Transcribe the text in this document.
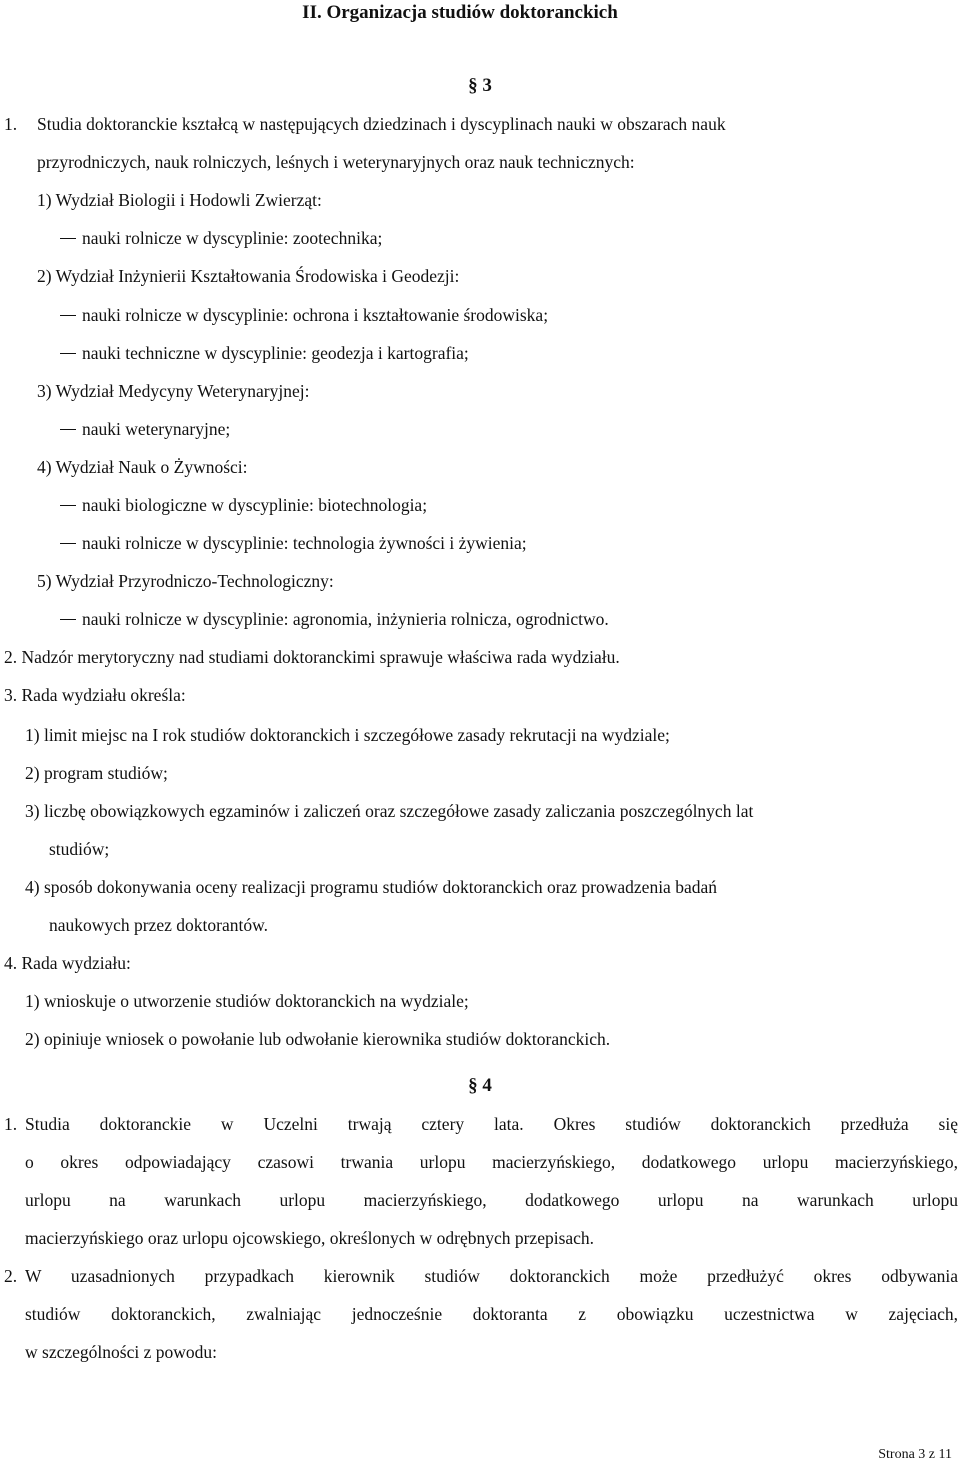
II. Organizacja studiów doktoranckich
§ 3
1. Studia doktoranckie kształcą w następujących dziedzinach i dyscyplinach nauki w obszarach nauk
przyrodniczych, nauk rolniczych, leśnych i weterynaryjnych oraz nauk technicznych:
1) Wydział Biologii i Hodowli Zwierząt:
nauki rolnicze w dyscyplinie: zootechnika;
2) Wydział Inżynierii Kształtowania Środowiska i Geodezji:
nauki rolnicze w dyscyplinie: ochrona i kształtowanie środowiska;
nauki techniczne w dyscyplinie: geodezja i kartografia;
3) Wydział Medycyny Weterynaryjnej:
nauki weterynaryjne;
4) Wydział Nauk o Żywności:
nauki biologiczne w dyscyplinie: biotechnologia;
nauki rolnicze w dyscyplinie: technologia żywności i żywienia;
5) Wydział Przyrodniczo-Technologiczny:
nauki rolnicze w dyscyplinie: agronomia, inżynieria rolnicza, ogrodnictwo.
2. Nadzór merytoryczny nad studiami doktoranckimi sprawuje właściwa rada wydziału.
3. Rada wydziału określa:
1) limit miejsc na I rok studiów doktoranckich i szczegółowe zasady rekrutacji na wydziale;
2) program studiów;
3) liczbę obowiązkowych egzaminów i zaliczeń oraz szczegółowe zasady zaliczania poszczególnych lat
studiów;
4) sposób dokonywania oceny realizacji programu studiów doktoranckich oraz prowadzenia badań
naukowych przez doktorantów.
4. Rada wydziału:
1) wnioskuje o utworzenie studiów doktoranckich na wydziale;
2) opiniuje wniosek o powołanie lub odwołanie kierownika studiów doktoranckich.
§ 4
1. Studia doktoranckie w Uczelni trwają cztery lata. Okres studiów doktoranckich przedłuża się
o okres odpowiadający czasowi trwania urlopu macierzyńskiego, dodatkowego urlopu macierzyńskiego,
urlopu na warunkach urlopu macierzyńskiego, dodatkowego urlopu na warunkach urlopu
macierzyńskiego oraz urlopu ojcowskiego, określonych w odrębnych przepisach.
2. W uzasadnionych przypadkach kierownik studiów doktoranckich może przedłużyć okres odbywania
studiów doktoranckich, zwalniając jednocześnie doktoranta z obowiązku uczestnictwa w zajęciach,
w szczególności z powodu:
Strona 3 z 11
